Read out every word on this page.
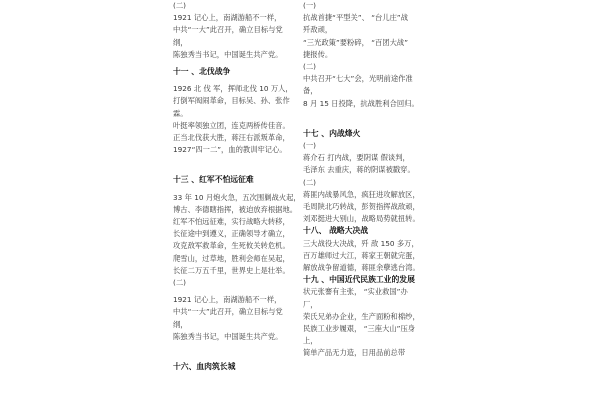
(二)
1921 记心上，南湖游船不一样，
中共“一大”此召开，确立目标与党
纲，
陈独秀当书记，中国诞生共产党。
十一 、北伐战争
1926 北 伐 军，挥师北伐 10 万人，
打倒军阀闹革命，目标吴、孙、张作
霖。
叶挺率领独立团，连克两桥传佳音。
正当北伐获大胜，蒋汪右派叛革命，
1927“四一二”，血的教训牢记心。
十三 、红军不怕远征难
33 年 10 月炮火急，五次围剿战火起，
博古、李德瞎指挥，被迫放弃根据地。
红军不怕远征难，实行战略大转移，
长征途中到遵义，正确领导才确立，
攻克敌军救革命，生死攸关转危机。
爬雪山，过草地，胜利会师在吴起，
长征二万五千里，世界史上是壮举。
(二)
1921 记心上，南湖游船不一样，
中共“一大”此召开，确立目标与党
纲，
陈独秀当书记，中国诞生共产党。
十六、血肉筑长城
(一)
抗战首捷“平型关”、 “台儿庄”战
歼敌顽，
“三光政策”要粉碎， “百团大战”
捷报传。
(二)
中共召开“七大”会，光明前途作准
备，
8 月 15 日投降，抗战胜利合回归。
十七 、内战烽火
(一)
蒋介石 打内战，要阴谋 假谈判，
毛泽东 去重庆，蒋的阴谋被戳穿。
(二)
蒋匪内战暴风急，疯狂进攻解放区，
毛周陕北巧转战，彭贺指挥战敌顽，
刘邓挺进大别山，战略局势就扭转。
十八、 战略大决战
三大战役大决战，歼 敌 150 多万，
百万雄师过大江，蒋家王朝就完蛋，
解放战争留道德，蒋匪余孽逃台湾。
十九 、中国近代民族工业的发展
状元张謇有主张， “实业救国”办
厂，
荣氏兄弟办企业，生产面粉和棉纱，
民族工业步履艰， “三座大山”压身
上，
简单产品无力造，日用品前总带
